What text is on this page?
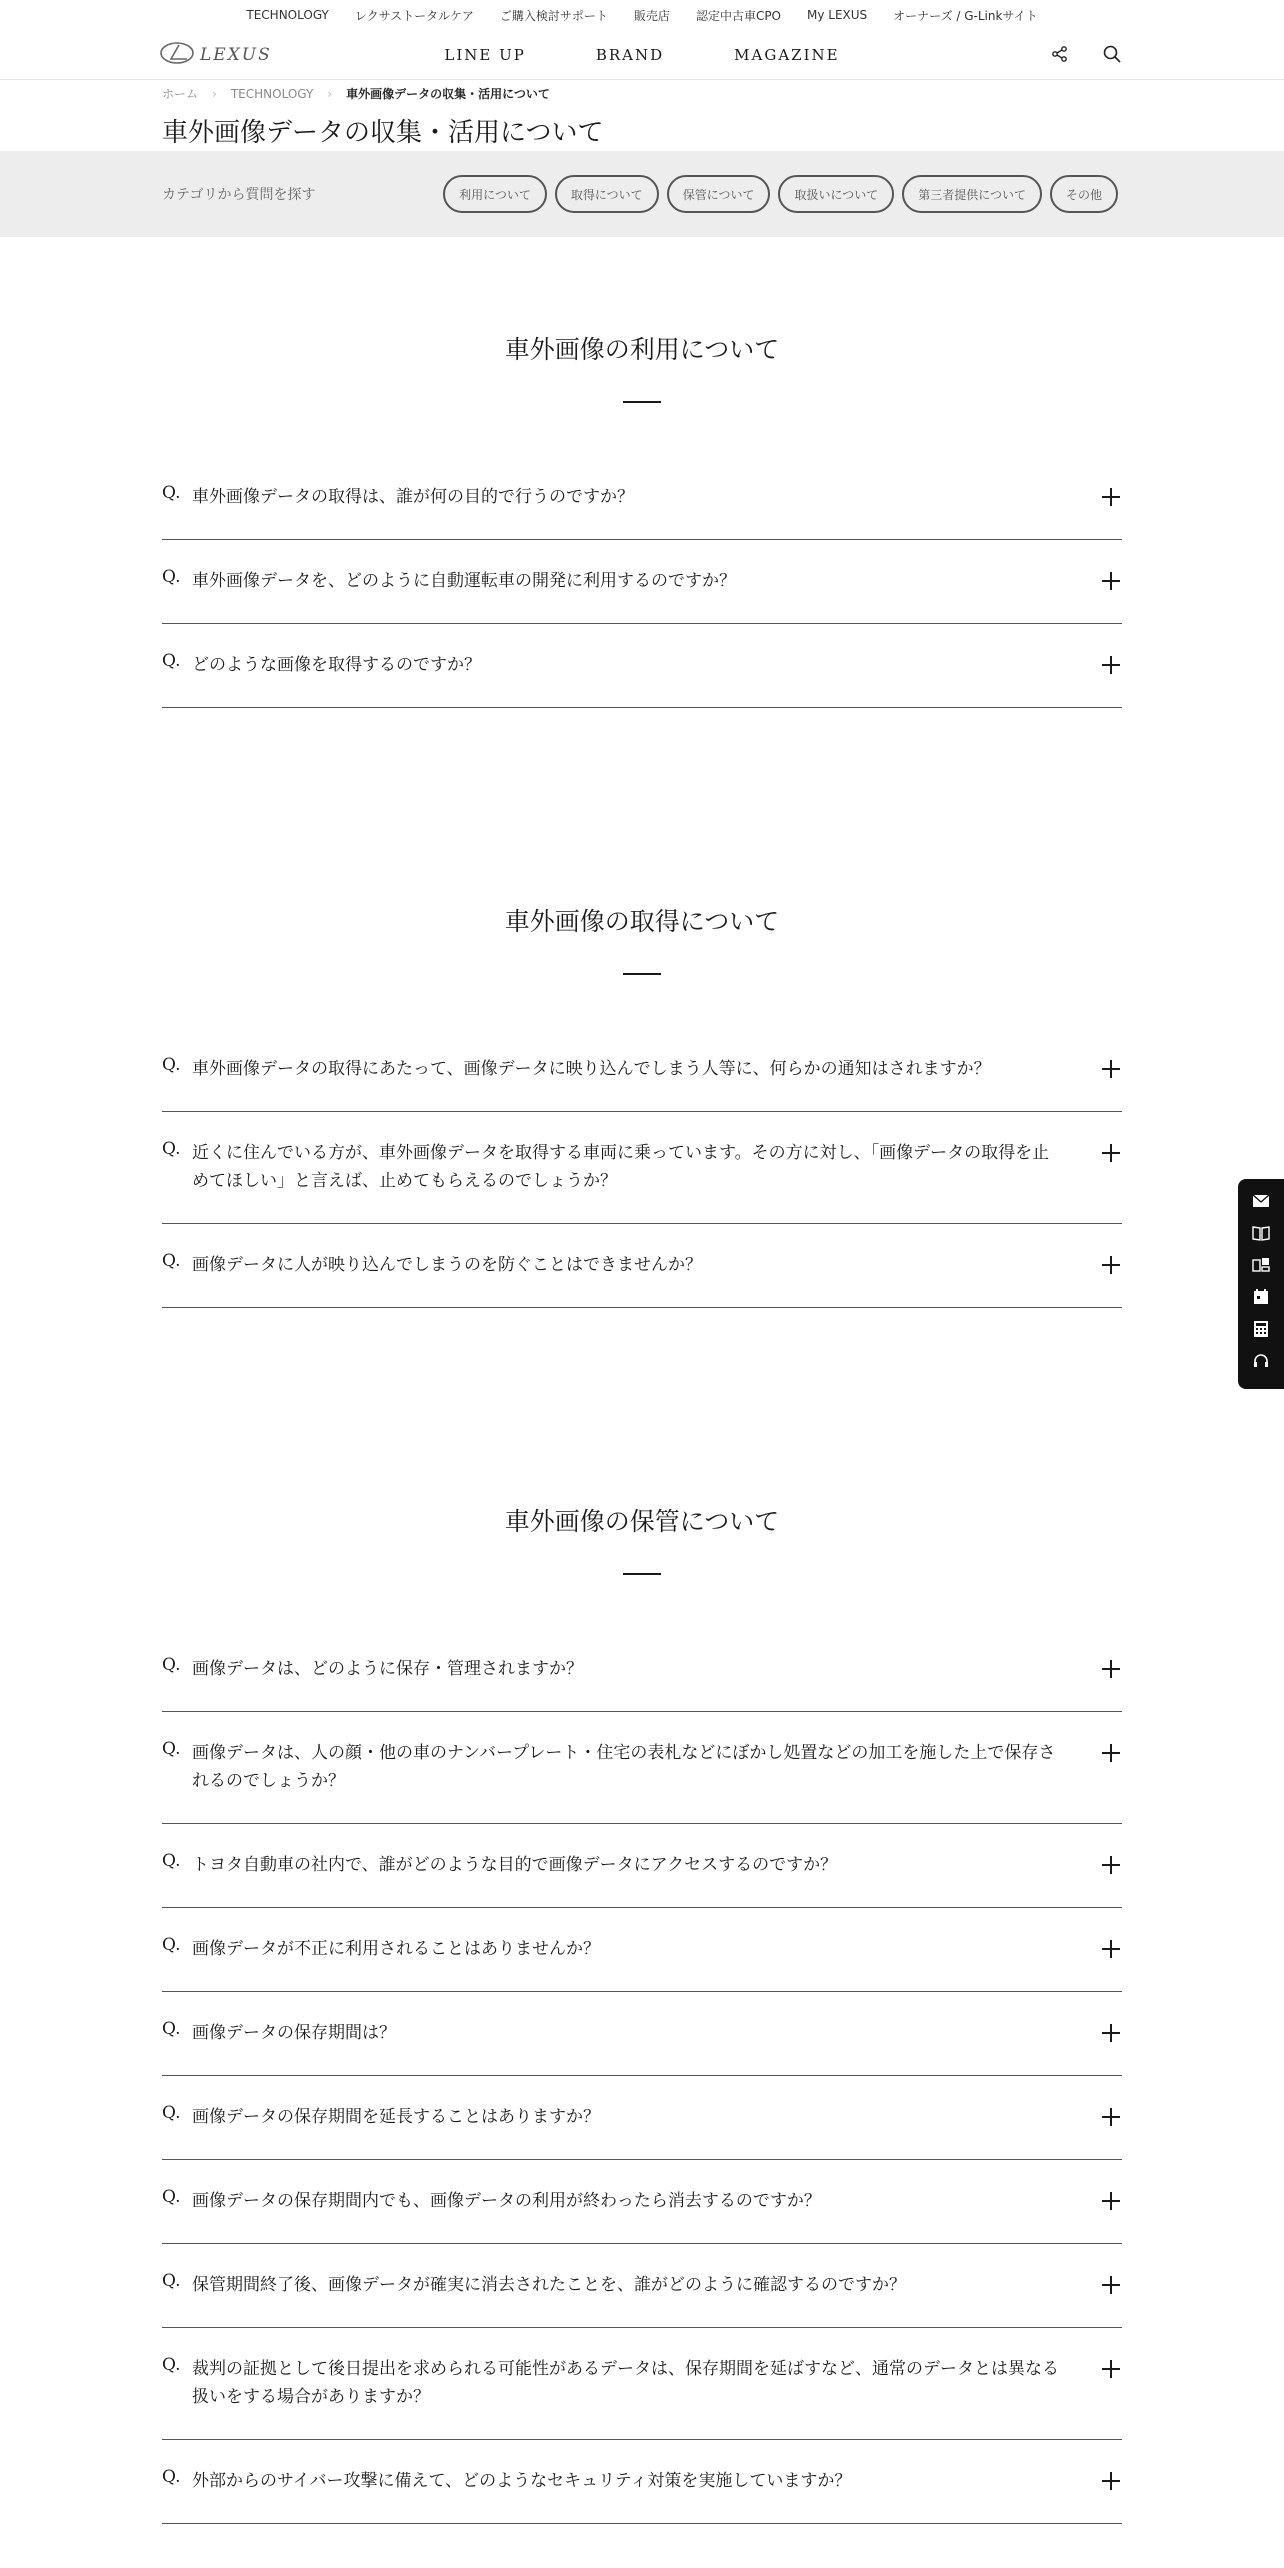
TECHNOLOGY レクサストータルケア ご購入検討サポート 販売店 認定中古車CPO My LEXUS オーナーズ / G-Linkサイト
LINE UP	BRAND	MAGAZINE
LEXUS
ホーム › TECHNOLOGY › 車外画像データの収集・活用について
車外画像データの収集・活用について
カテゴリから質問を探す	利用について	取得について	保管について	取扱いについて	第三者提供について	その他
車外画像の利用について
Q. 車外画像データの取得は、誰が何の目的で行うのですか？
Q. 車外画像データを、どのように自動運転車の開発に利用するのですか？
Q. どのような画像を取得するのですか？
車外画像の取得について
Q. 車外画像データの取得にあたって、画像データに映り込んでしまう人等に、何らかの通知はされますか？
Q. 近くに住んでいる方が、車外画像データを取得する車両に乗っています。その方に対し、「画像データの取得を止めてほしい」と言えば、止めてもらえるのでしょうか？
Q. 画像データに人が映り込んでしまうのを防ぐことはできませんか？
車外画像の保管について
Q. 画像データは、どのように保存・管理されますか？
Q. 画像データは、人の顔・他の車のナンバープレート・住宅の表札などにぼかし処置などの加工を施した上で保存されるのでしょうか？
Q. トヨタ自動車の社内で、誰がどのような目的で画像データにアクセスするのですか？
Q. 画像データが不正に利用されることはありませんか？
Q. 画像データの保存期間は？
Q. 画像データの保存期間を延長することはありますか？
Q. 画像データの保存期間内でも、画像データの利用が終わったら消去するのですか？
Q. 保管期間終了後、画像データが確実に消去されたことを、誰がどのように確認するのですか？
Q. 裁判の証拠として後日提出を求められる可能性があるデータは、保存期間を延ばすなど、通常のデータとは異なる扱いをする場合がありますか？
Q. 外部からのサイバー攻撃に備えて、どのようなセキュリティ対策を実施していますか？
